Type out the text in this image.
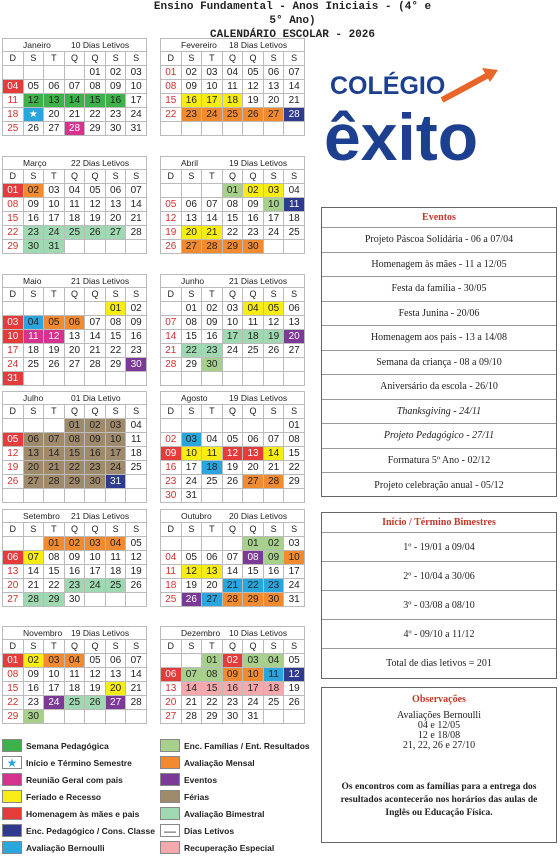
Ensino Fundamental - Anos Iniciais - (4° e 5° Ano)
CALENDÁRIO ESCOLAR - 2026
Janeiro 10 Dias Letivos
D	S	T	Q	Q	S	S
				01	02	03
04	05	06	07	08	09	10
11	12	13	14	15	16	17
18	★	20	21	22	23	24
25	26	27	28	29	30	31
Fevereiro 18 Dias Letivos
D	S	T	Q	Q	S	S
01	02	03	04	05	06	07
08	09	10	11	12	13	14
15	16	17	18	19	20	21
22	23	24	25	26	27	28

Março	22 Dias Letivos
D	S	T	Q	Q	S	S
01	02	03	04	05	06	07
08	09	10	11	12	13	14
15	16	17	18	19	20	21
22	23	24	25	26	27	28
29	30	31				
Abril	19 Dias Letivos
D	S	T	Q	Q	S	S
			01	02	03	04
05	06	07	08	09	10	11
12	13	14	15	16	17	18
19	20	21	22	23	24	25
26	27	28	29	30		
Maio	21 Dias Letivos
D	S	T	Q	Q	S	S
					01	02
03	04	05	06	07	08	09
10	11	12	13	14	15	16
17	18	19	20	21	22	23
24	25	26	27	28	29	30
31						
Junho	21 Dias Letivos
D	S	T	Q	Q	S	S
	01	02	03	04	05	06
07	08	09	10	11	12	13
14	15	16	17	18	19	20
21	22	23	24	25	26	27
28	29	30				

Julho	01 Dia Letivo
D	S	T	Q	Q	S	S
			01	02	03	04
05	06	07	08	09	10	11
12	13	14	15	16	17	18
19	20	21	22	23	24	25
26	27	28	29	30	31	

Agosto	19 Dias Letivos
D	S	T	Q	Q	S	S
						01
02	03	04	05	06	07	08
09	10	11	12	13	14	15
16	17	18	19	20	21	22
23	24	25	26	27	28	29
30	31					
Setembro 21 Dias Letivos
D	S	T	Q	Q	S	S
		01	02	03	04	05
06	07	08	09	10	11	12
13	14	15	16	17	18	19
20	21	22	23	24	25	26
27	28	29	30			
Outubro 20 Dias Letivos
D	S	T	Q	Q	S	S
				01	02	03
04	05	06	07	08	09	10
11	12	13	14	15	16	17
18	19	20	21	22	23	24
25	26	27	28	29	30	31
Novembro 19 Dias Letivos
D	S	T	Q	Q	S	S
01	02	03	04	05	06	07
08	09	10	11	12	13	14
15	16	17	18	19	20	21
22	23	24	25	26	27	28
29	30					
Dezembro 10 Dias Letivos
D	S	T	Q	Q	S	S
		01	02	03	04	05
06	07	08	09	10	11	12
13	14	15	16	17	18	19
20	21	22	23	24	25	26
27	28	29	30	31		
COLÉGIO
êxito
Eventos
Projeto Páscoa Solidária - 06 a 07/04
Homenagem às mães - 11 a 12/05
Festa da família - 30/05
Festa Junina - 20/06
Homenagem aos pais - 13 a 14/08
Semana da criança - 08 a 09/10
Aniversário da escola - 26/10
Thanksgiving - 24/11
Projeto Pedagógico - 27/11
Formatura 5º Ano - 02/12
Projeto celebração anual - 05/12
Início / Término Bimestres
1º - 19/01 a 09/04
2º - 10/04 a 30/06
3º - 03/08 a 08/10
4º - 09/10 a 11/12
Total de dias letivos = 201
Observações
Avaliações Bernoulli
04 e 12/05
12 e 18/08
21, 22, 26 e 27/10
Os encontros com as famílias para a entrega dos resultados acontecerão nos horários das aulas de Inglês ou Educação Física.
Semana Pedagógica
★	Início e Término Semestre
Reunião Geral com pais
Feriado e Recesso
Homenagem às mães e pais
Enc. Pedagógico / Cons. Classe
Avaliação Bernoulli
Enc. Famílias / Ent. Resultados
Avaliação Mensal
Eventos
Férias
Avaliação Bimestral
— Dias Letivos
Recuperação Especial
